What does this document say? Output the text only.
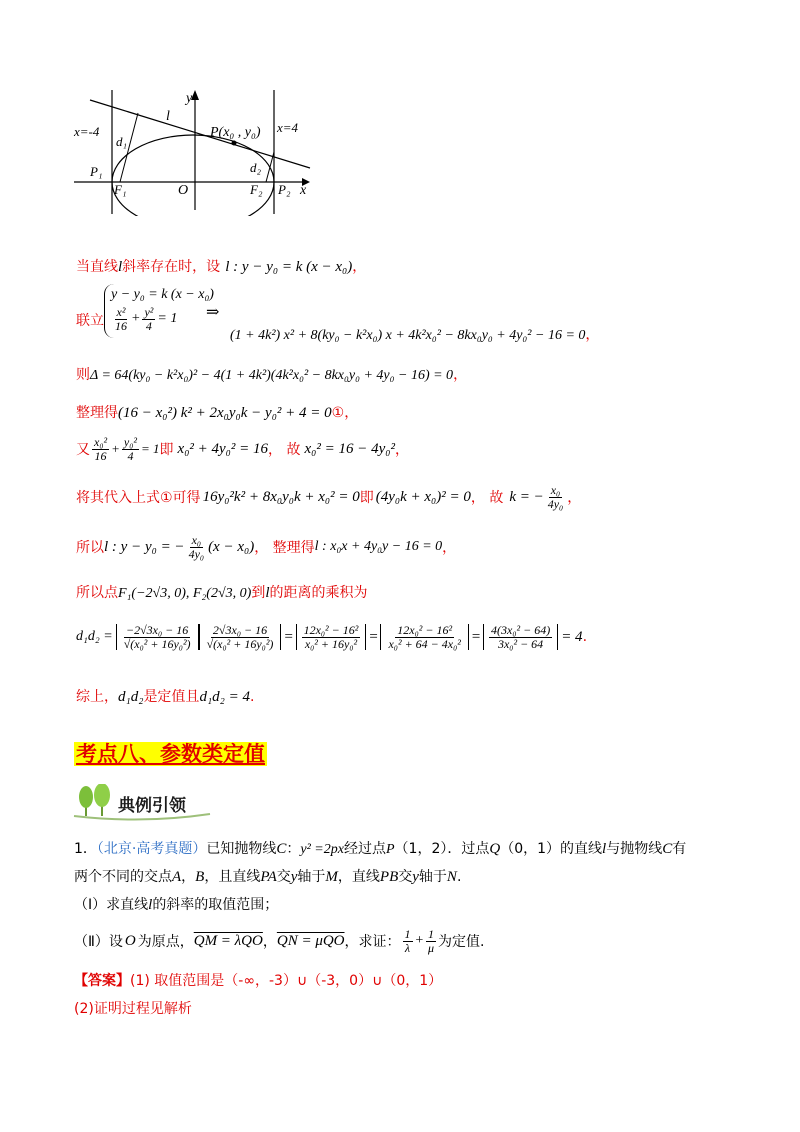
y
x
O
l
P(x₀ , y₀)
x=-4	x=4
d₁
d₂
P₁
P₂
F₁	F₂
当直线l斜率存在时，设 l : y − y₀ = k (x − x₀)，
联立
y − y₀ = k (x − x₀)
$\frac{\text{x²}}{16} + \frac{\text{y²}}{4} = 1$ ⇒
(1 + 4k²) x² + 8(ky₀ − k²x₀) x + 4k²x₀² − 8kx₀y₀ + 4y₀² − 16 = 0，
则Δ = 64(ky₀ − k²x₀)² − 4(1 + 4k²)(4k²x₀² − 8kx₀y₀ + 4y₀ − 16) = 0，
整理得(16 − x₀²) k² + 2x₀y₀k − y₀² + 4 = 0①，
又 $\frac{\text{x₀²}}{16} + \frac{\text{y₀²}}{4} = 1$ 即 x₀² + 4y₀² = 16 ， 故 x₀² = 16 − 4y₀² ，
将其代入上式①可得 16y₀²k² + 8x₀y₀k + x₀² = 0 即 (4y₀k + x₀)² = 0 ， 故 k = − $\frac{\text{x₀}}{\text{4y₀}}$ ，
所以 l : y − y₀ = − $\frac{\text{x₀}}{\text{4y₀}} (x - x_0)$ ， 整理得 l : x₀x + 4y₀y − 16 = 0 ，
所以点F₁(−2√3, 0), F₂(2√3, 0)到l的距离的乘积为
$d_1d_2 = \frac{\text{−2√3x₀ − 16}}{\text{√(x₀² + 16y₀²)}} \frac{\text{2√3x₀ − 16}}{\text{√(x₀² + 16y₀²)}} = \frac{\text{12x₀² − 16²}}{\text{x₀² + 16y₀²}} = \frac{\text{12x₀² − 16²}}{\text{x₀² + 64 − 4x₀²}} = \frac{\text{4(3x₀² − 64)}}{\text{3x₀² − 64}} = 4$ .
综上，d₁d₂是定值且d₁d₂ = 4.
考点八、参数类定值
典例引领
1．（北京·高考真题）已知抛物线C：y² =2px经过点P（1，2）．过点Q（0，1）的直线l与抛物线C有
两个不同的交点A，B，且直线PA交y轴于M，直线PB交y轴于N.
（Ⅰ）求直线l的斜率的取值范围；
（Ⅱ） 设 O 为原点， QM = λQO ， QN = μQO ，求证： $\frac{1}{\lambda} + \frac{1}{\mu}$ 为定值.
【答案】(1) 取值范围是（-∞，-3）∪（-3，0）∪（0，1）
(2)证明过程见解析
